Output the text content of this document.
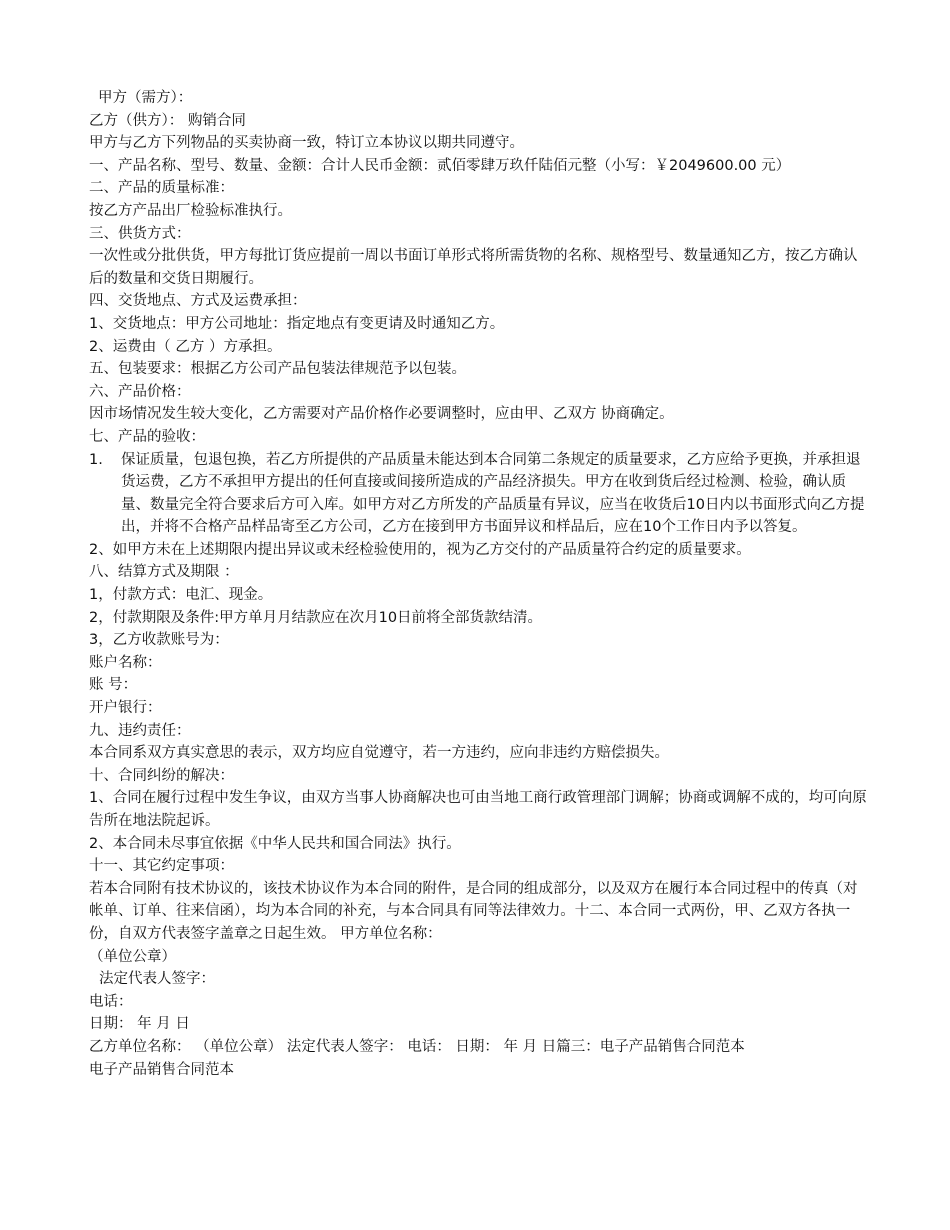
甲方（需方）：
乙方（供方）： 购销合同
甲方与乙方下列物品的买卖协商一致，特订立本协议以期共同遵守。
一、产品名称、型号、数量、金额：合计人民币金额：贰佰零肆万玖仟陆佰元整（小写：￥2049600.00 元）
二、产品的质量标准：
按乙方产品出厂检验标准执行。
三、供货方式：
一次性或分批供货，甲方每批订货应提前一周以书面订单形式将所需货物的名称、规格型号、数量通知乙方，按乙方确认后的数量和交货日期履行。
四、交货地点、方式及运费承担：
1、交货地点：甲方公司地址：指定地点有变更请及时通知乙方。
2、运费由（ 乙方 ）方承担。
五、包装要求：根据乙方公司产品包装法律规范予以包装。
六、产品价格：
因市场情况发生较大变化，乙方需要对产品价格作必要调整时，应由甲、乙双方 协商确定。
七、产品的验收：
1.	保证质量，包退包换，若乙方所提供的产品质量未能达到本合同第二条规定的质量要求，乙方应给予更换，并承担退货运费，乙方不承担甲方提出的任何直接或间接所造成的产品经济损失。甲方在收到货后经过检测、检验，确认质量、数量完全符合要求后方可入库。如甲方对乙方所发的产品质量有异议，应当在收货后10日内以书面形式向乙方提出，并将不合格产品样品寄至乙方公司，乙方在接到甲方书面异议和样品后，应在10个工作日内予以答复。
2、如甲方未在上述期限内提出异议或未经检验使用的，视为乙方交付的产品质量符合约定的质量要求。
八、结算方式及期限 ：
1，付款方式：电汇、现金。
2，付款期限及条件:甲方单月月结款应在次月10日前将全部货款结清。
3，乙方收款账号为：
账户名称：
账 号：
开户银行：
九、违约责任：
本合同系双方真实意思的表示，双方均应自觉遵守，若一方违约，应向非违约方赔偿损失。
十、合同纠纷的解决：
1、合同在履行过程中发生争议，由双方当事人协商解决也可由当地工商行政管理部门调解；协商或调解不成的，均可向原告所在地法院起诉。
2、本合同未尽事宜依据《中华人民共和国合同法》执行。
十一、其它约定事项：
若本合同附有技术协议的，该技术协议作为本合同的附件，是合同的组成部分，以及双方在履行本合同过程中的传真（对帐单、订单、往来信函），均为本合同的补充，与本合同具有同等法律效力。十二、本合同一式两份，甲、乙双方各执一份，自双方代表签字盖章之日起生效。 甲方单位名称：
（单位公章）
法定代表人签字：
电话：
日期： 年 月 日
乙方单位名称： （单位公章） 法定代表人签字： 电话： 日期： 年 月 日篇三：电子产品销售合同范本
电子产品销售合同范本
